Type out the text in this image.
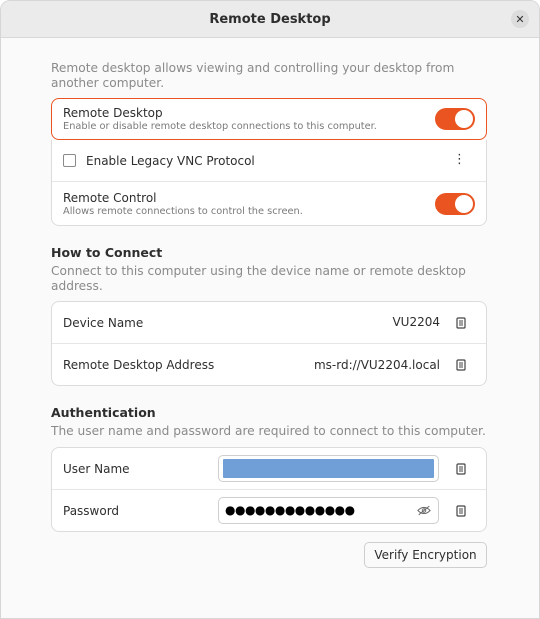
Remote Desktop	✕
Remote desktop allows viewing and controlling your desktop from another computer.
Remote Desktop
Enable or disable remote desktop connections to this computer.
Enable Legacy VNC Protocol	⋮
Remote Control
Allows remote connections to control the screen.
How to Connect
Connect to this computer using the device name or remote desktop address.
Device Name	VU2204
Remote Desktop Address	ms-rd://VU2204.local
Authentication
The user name and password are required to connect to this computer.
User Name
Password	●●●●●●●●●●●●●
Verify Encryption
